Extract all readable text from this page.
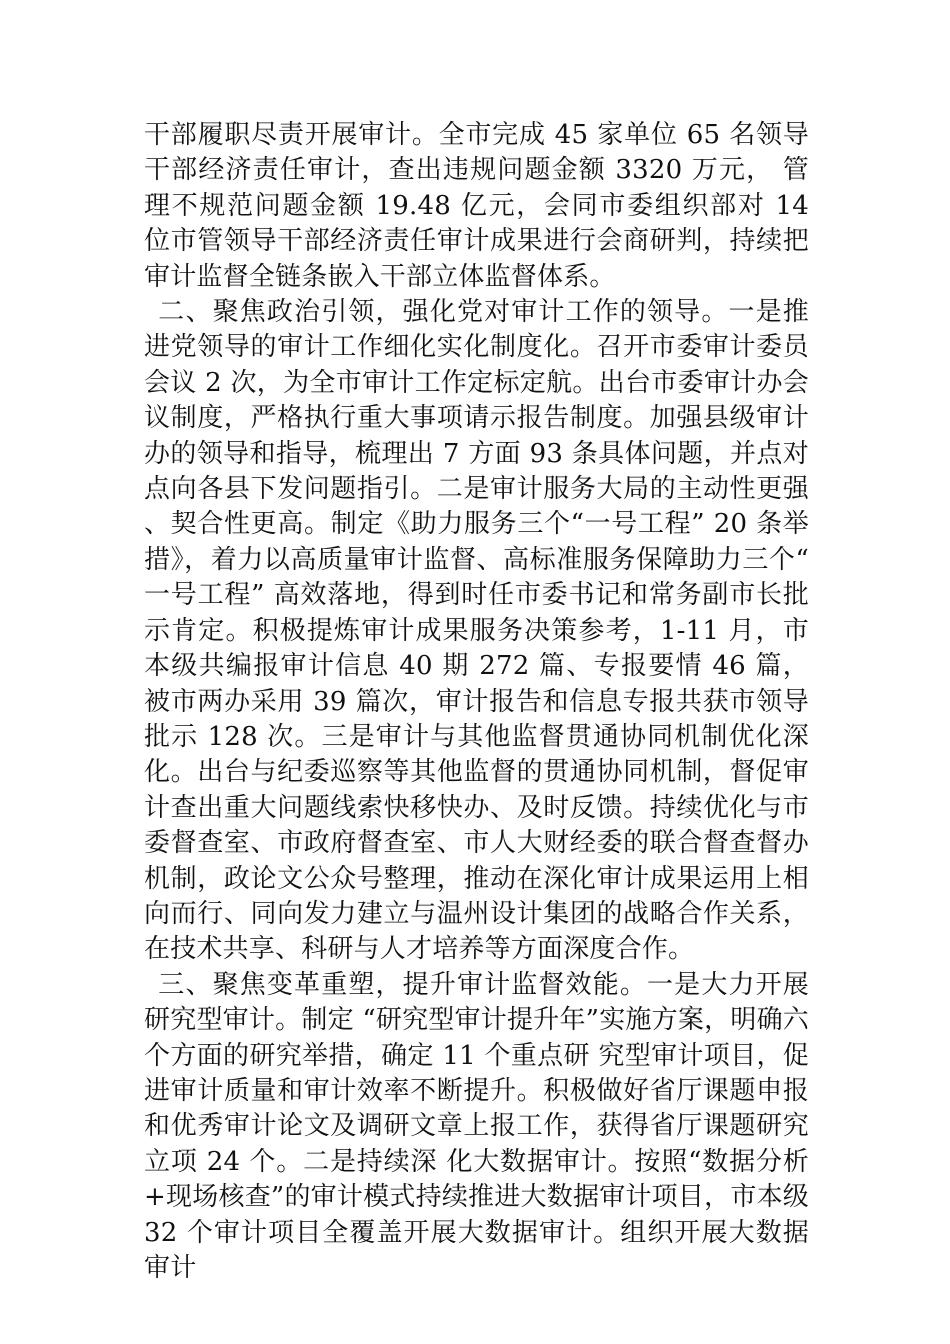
干部履职尽责开展审计。全市完成 45 家单位 65 名领导干部经济责任审计，查出违规问题金额 3320 万元， 管理不规范问题金额 19.48 亿元，会同市委组织部对 14 位市管领导干部经济责任审计成果进行会商研判，持续把审计监督全链条嵌入干部立体监督体系。

二、聚焦政治引领，强化党对审计工作的领导。一是推进党领导的审计工作细化实化制度化。召开市委审计委员会议 2 次，为全市审计工作定标定航。出台市委审计办会议制度，严格执行重大事项请示报告制度。加强县级审计办的领导和指导，梳理出 7 方面 93 条具体问题，并点对点向各县下发问题指引。二是审计服务大局的主动性更强、契合性更高。制定《助力服务三个“一号工程” 20 条举措》，着力以高质量审计监督、高标准服务保障助力三个“一号工程” 高效落地，得到时任市委书记和常务副市长批示肯定。积极提炼审计成果服务决策参考，1-11 月，市本级共编报审计信息 40 期 272 篇、专报要情 46 篇，被市两办采用 39 篇次，审计报告和信息专报共获市领导批示 128 次。三是审计与其他监督贯通协同机制优化深化。出台与纪委巡察等其他监督的贯通协同机制，督促审计查出重大问题线索快移快办、及时反馈。持续优化与市委督查室、市政府督查室、市人大财经委的联合督查督办机制，政论文公众号整理，推动在深化审计成果运用上相向而行、同向发力建立与温州设计集团的战略合作关系， 在技术共享、科研与人才培养等方面深度合作。

三、聚焦变革重塑，提升审计监督效能。一是大力开展研究型审计。制定 “研究型审计提升年”实施方案，明确六个方面的研究举措，确定 11 个重点研 究型审计项目，促进审计质量和审计效率不断提升。积极做好省厅课题申报和优秀审计论文及调研文章上报工作，获得省厅课题研究立项 24 个。二是持续深 化大数据审计。按照“数据分析+现场核查”的审计模式持续推进大数据审计项目，市本级 32 个审计项目全覆盖开展大数据审计。组织开展大数据审计
